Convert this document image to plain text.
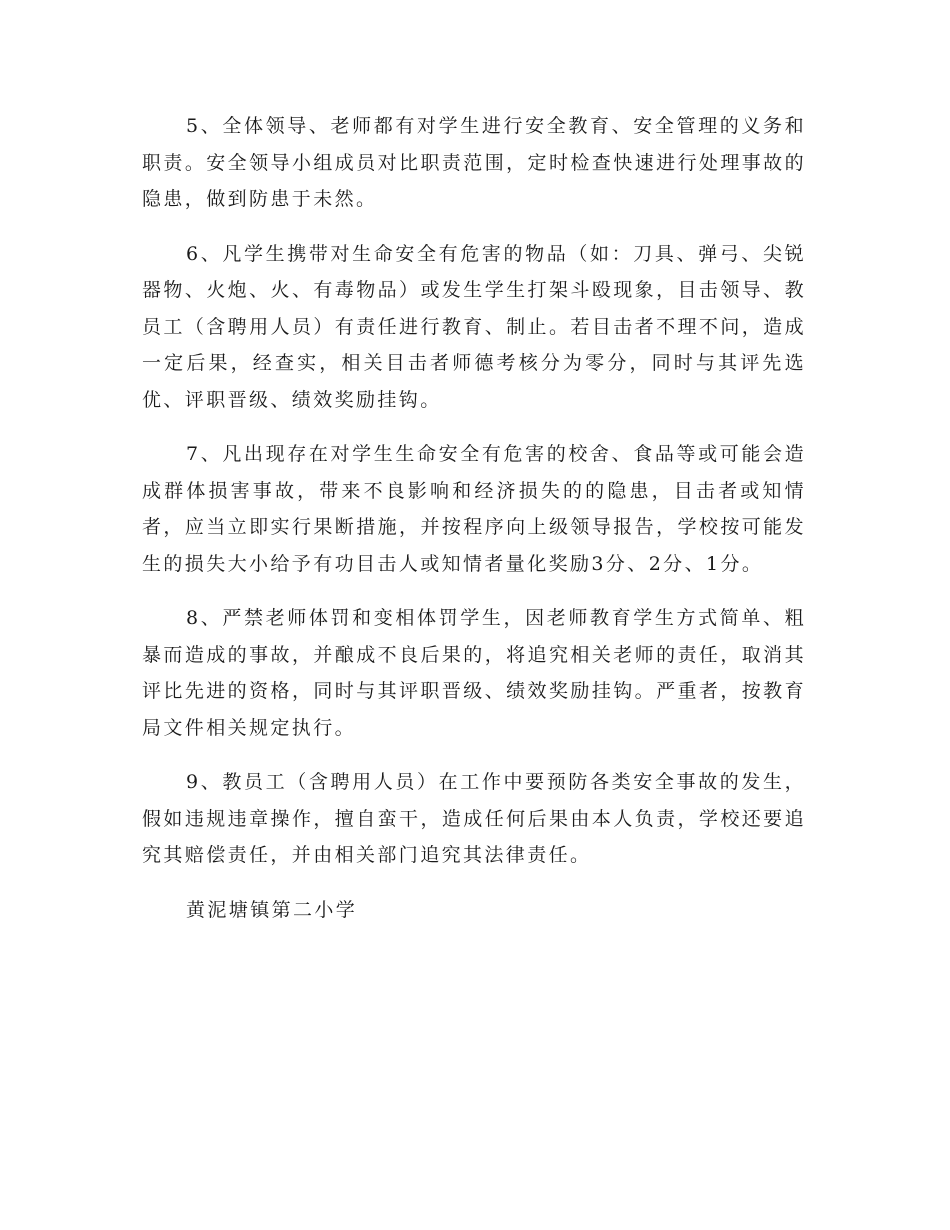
5、全体领导、老师都有对学生进行安全教育、安全管理的义务和职责。安全领导小组成员对比职责范围，定时检查快速进行处理事故的隐患，做到防患于未然。

6、凡学生携带对生命安全有危害的物品（如：刀具、弹弓、尖锐器物、火炮、火、有毒物品）或发生学生打架斗殴现象，目击领导、教员工（含聘用人员）有责任进行教育、制止。若目击者不理不问，造成一定后果，经查实，相关目击者师德考核分为零分，同时与其评先选优、评职晋级、绩效奖励挂钩。

7、凡出现存在对学生生命安全有危害的校舍、食品等或可能会造成群体损害事故，带来不良影响和经济损失的的隐患，目击者或知情者，应当立即实行果断措施，并按程序向上级领导报告，学校按可能发生的损失大小给予有功目击人或知情者量化奖励3分、2分、1分。

8、严禁老师体罚和变相体罚学生，因老师教育学生方式简单、粗暴而造成的事故，并酿成不良后果的，将追究相关老师的责任，取消其评比先进的资格，同时与其评职晋级、绩效奖励挂钩。严重者，按教育局文件相关规定执行。

9、教员工（含聘用人员）在工作中要预防各类安全事故的发生，假如违规违章操作，擅自蛮干，造成任何后果由本人负责，学校还要追究其赔偿责任，并由相关部门追究其法律责任。

黄泥塘镇第二小学
